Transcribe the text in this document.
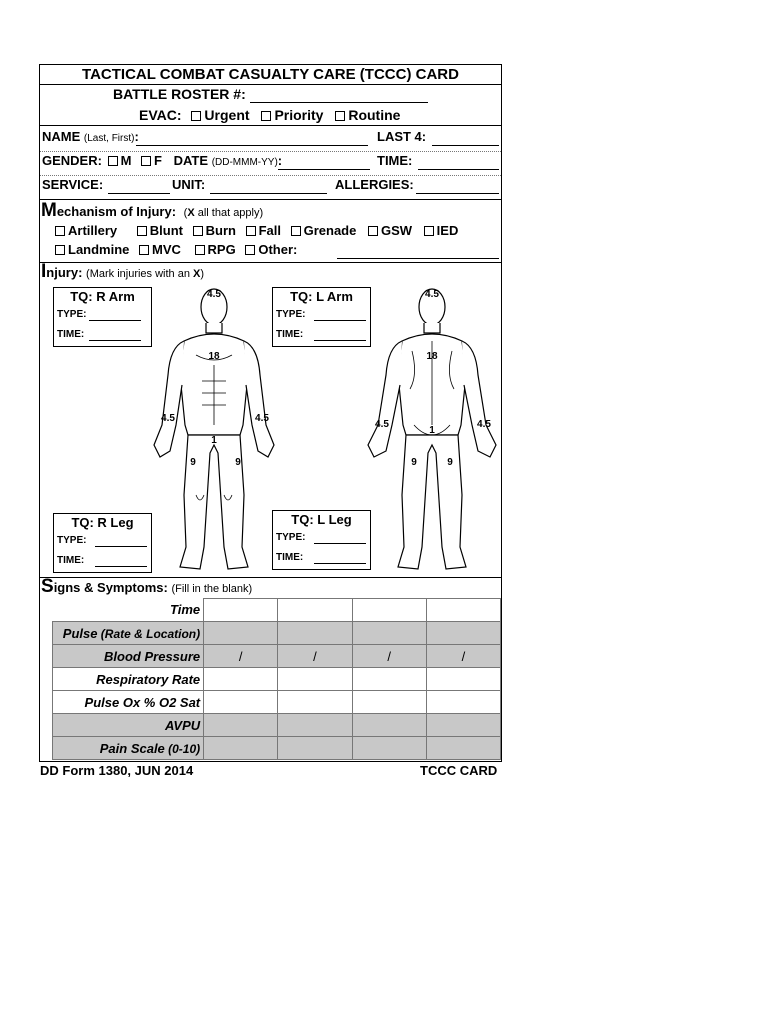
TACTICAL COMBAT CASUALTY CARE (TCCC) CARD
BATTLE ROSTER #:
EVAC: Urgent Priority Routine
NAME (Last, First):	LAST 4:
GENDER: M F DATE (DD-MMM-YY):	TIME:
SERVICE:	UNIT:	ALLERGIES:
Mechanism of Injury: (X all that apply)
Artillery	Blunt Burn Fall Grenade GSW IED
Landmine MVC RPG Other:
Injury: (Mark injuries with an X)
4.5
18
4.5	4.5
1
9	9
4.5
18
4.5	4.5
1
9	9
TQ: R Arm
TYPE:
TIME:
TQ: L Arm
TYPE:
TIME:
TQ: R Leg
TYPE:
TIME:
TQ: L Leg
TYPE:
TIME:
Signs & Symptoms: (Fill in the blank)
Time				
Pulse (Rate & Location)				
Blood Pressure	/	/	/	/
Respiratory Rate				
Pulse Ox % O2 Sat				
AVPU				
Pain Scale (0-10)				
DD Form 1380, JUN 2014	TCCC CARD
